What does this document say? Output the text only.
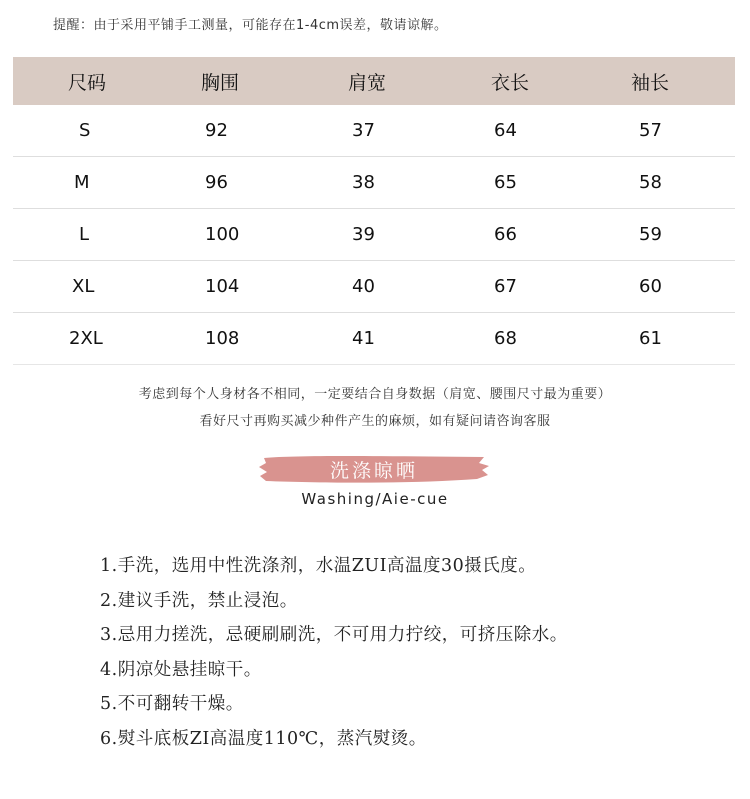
提醒：由于采用平铺手工测量，可能存在1-4cm误差，敬请谅解。
尺码	胸围	肩宽	衣长	袖长
S	92	37	64	57
M	96	38	65	58
L	100	39	66	59
XL	104	40	67	60
2XL	108	41	68	61
考虑到每个人身材各不相同，一定要结合自身数据（肩宽、腰围尺寸最为重要）
看好尺寸再购买减少种件产生的麻烦，如有疑问请咨询客服
洗涤晾晒
Washing/Aie-cue
1.手洗，选用中性洗涤剂，水温ZUI高温度30摄氏度。
2.建议手洗，禁止浸泡。
3.忌用力搓洗，忌硬刷刷洗，不可用力拧绞，可挤压除水。
4.阴凉处悬挂晾干。
5.不可翻转干燥。
6.熨斗底板ZI高温度110℃，蒸汽熨烫。
